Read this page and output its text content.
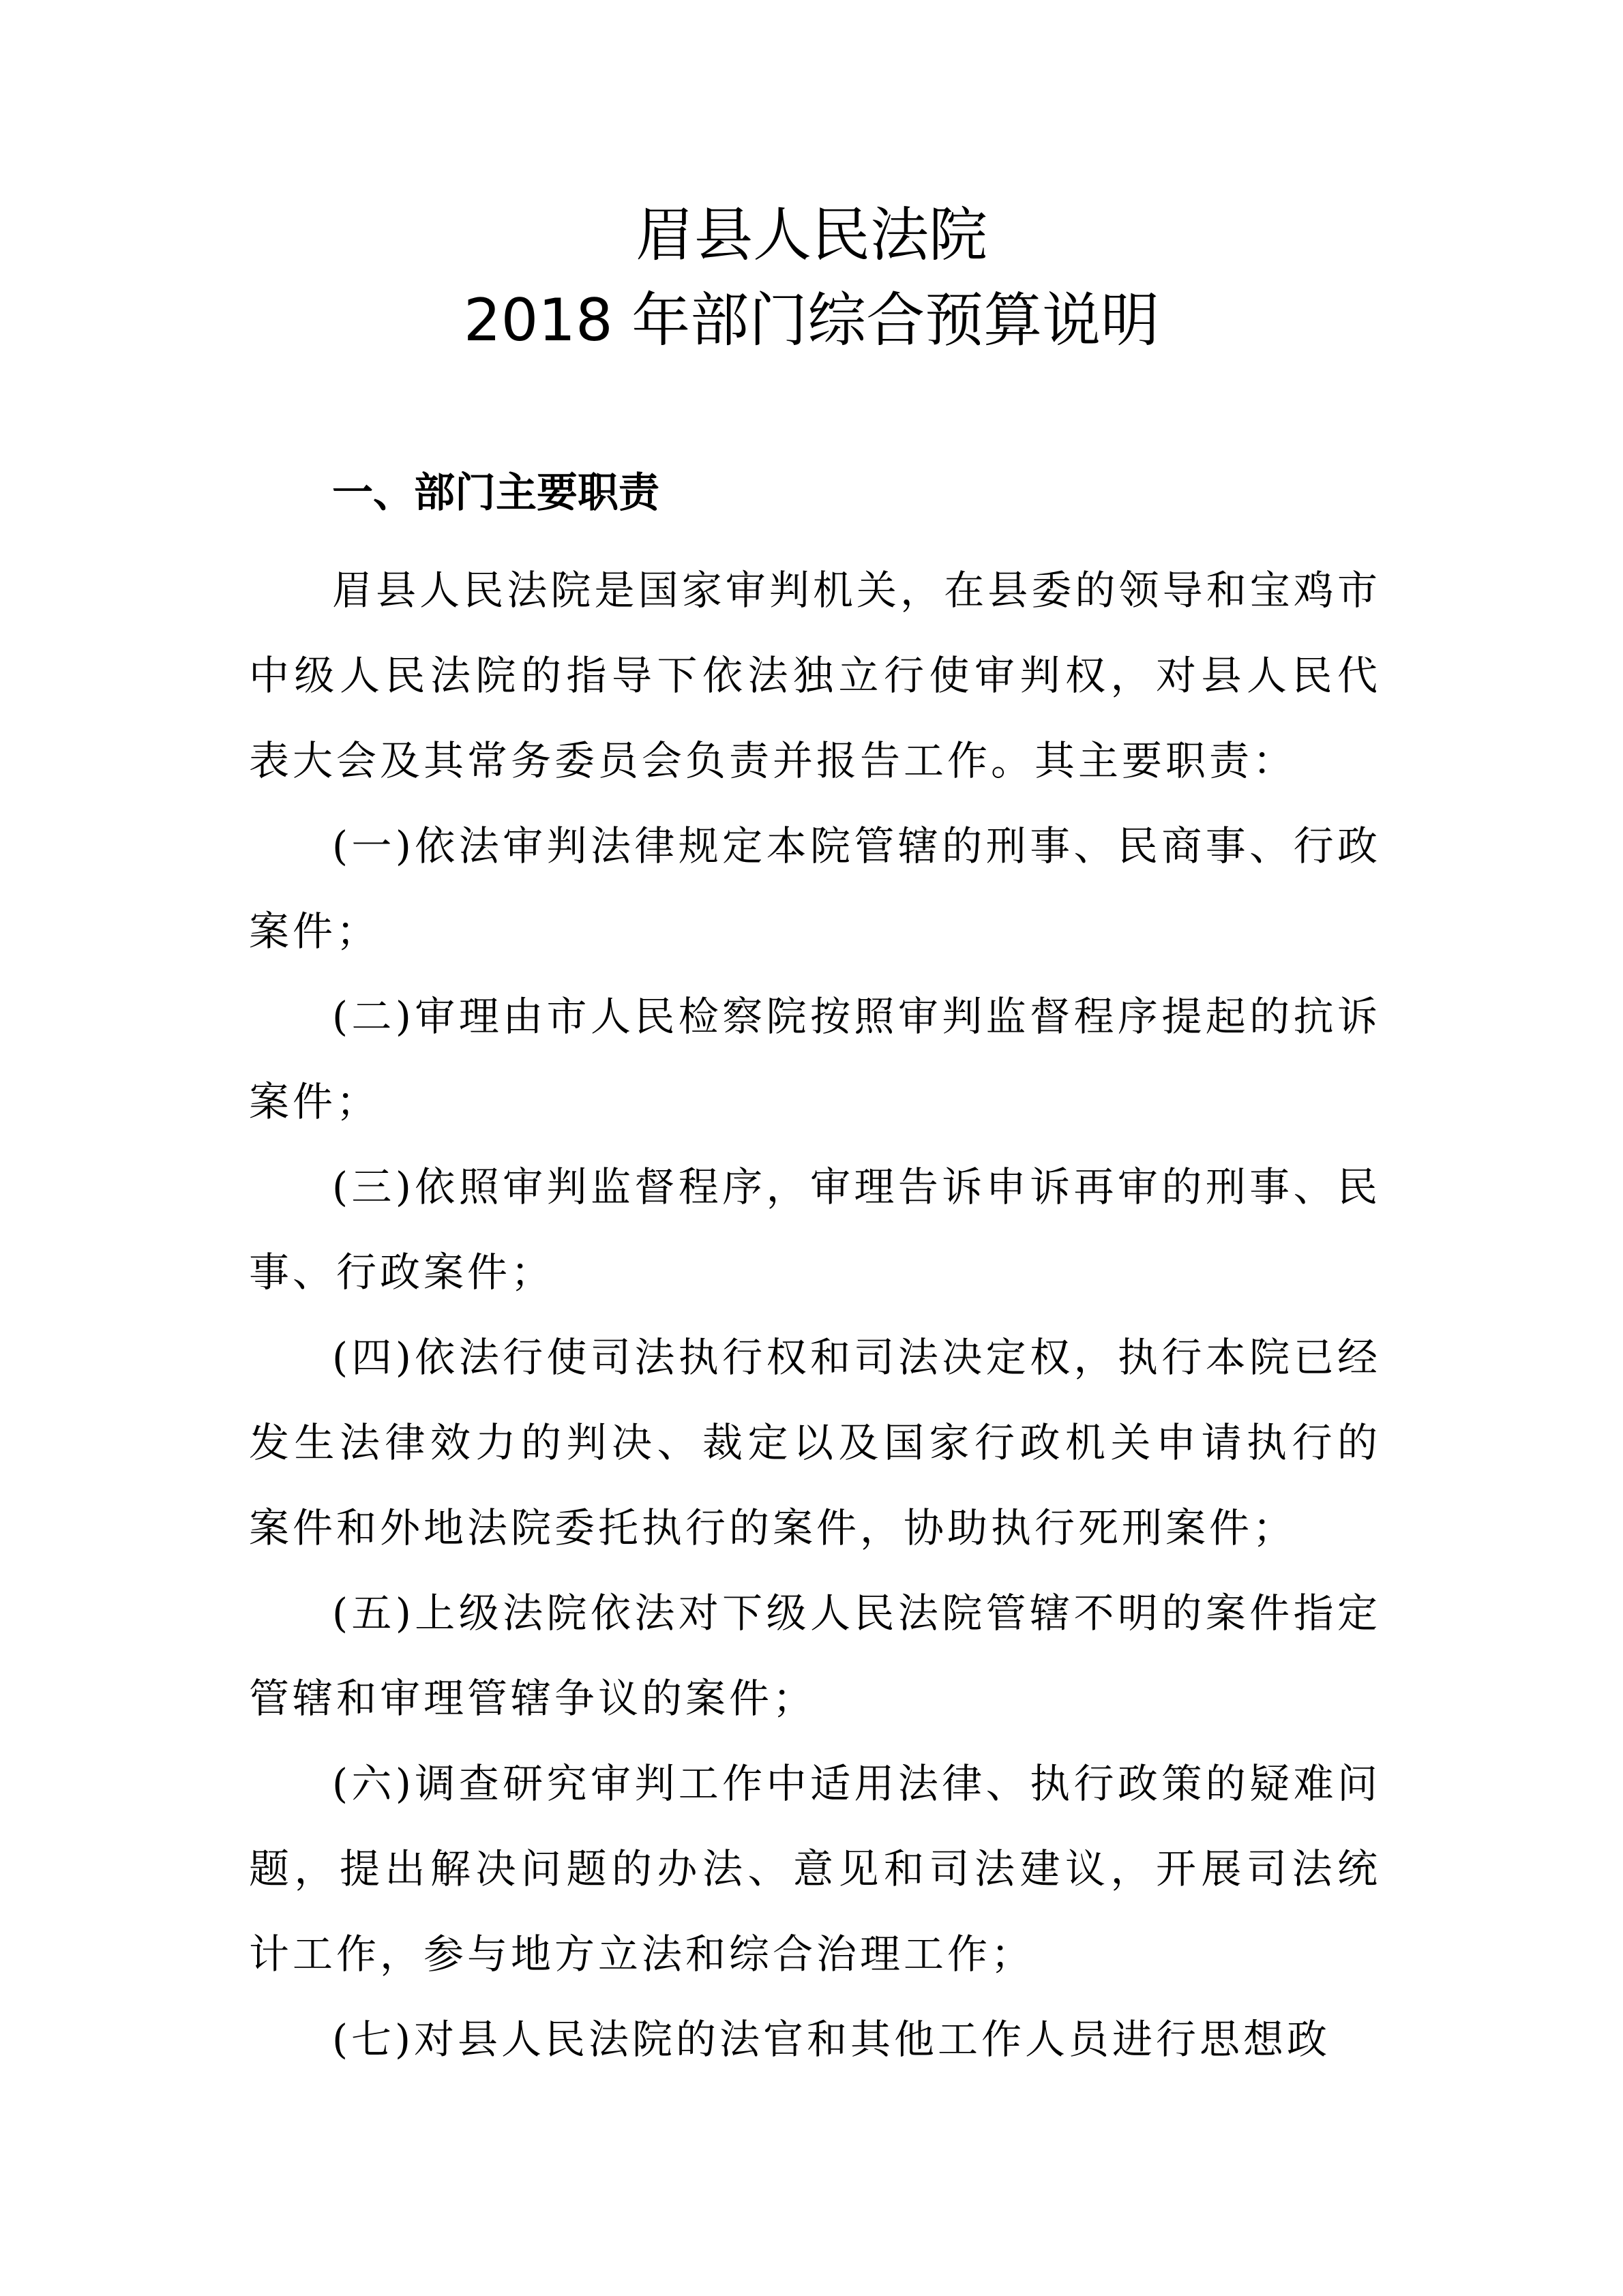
眉县人民法院
2018 年部门综合预算说明
一、部门主要职责

眉县人民法院是国家审判机关，在县委的领导和宝鸡市中级人民法院的指导下依法独立行使审判权，对县人民代表大会及其常务委员会负责并报告工作。其主要职责：

(一)依法审判法律规定本院管辖的刑事、民商事、行政案件；

(二)审理由市人民检察院按照审判监督程序提起的抗诉案件；

(三)依照审判监督程序，审理告诉申诉再审的刑事、民事、行政案件；

(四)依法行使司法执行权和司法决定权，执行本院已经发生法律效力的判决、裁定以及国家行政机关申请执行的案件和外地法院委托执行的案件，协助执行死刑案件；

(五)上级法院依法对下级人民法院管辖不明的案件指定管辖和审理管辖争议的案件；

(六)调查研究审判工作中适用法律、执行政策的疑难问题，提出解决问题的办法、意见和司法建议，开展司法统计工作，参与地方立法和综合治理工作；

(七)对县人民法院的法官和其他工作人员进行思想政
